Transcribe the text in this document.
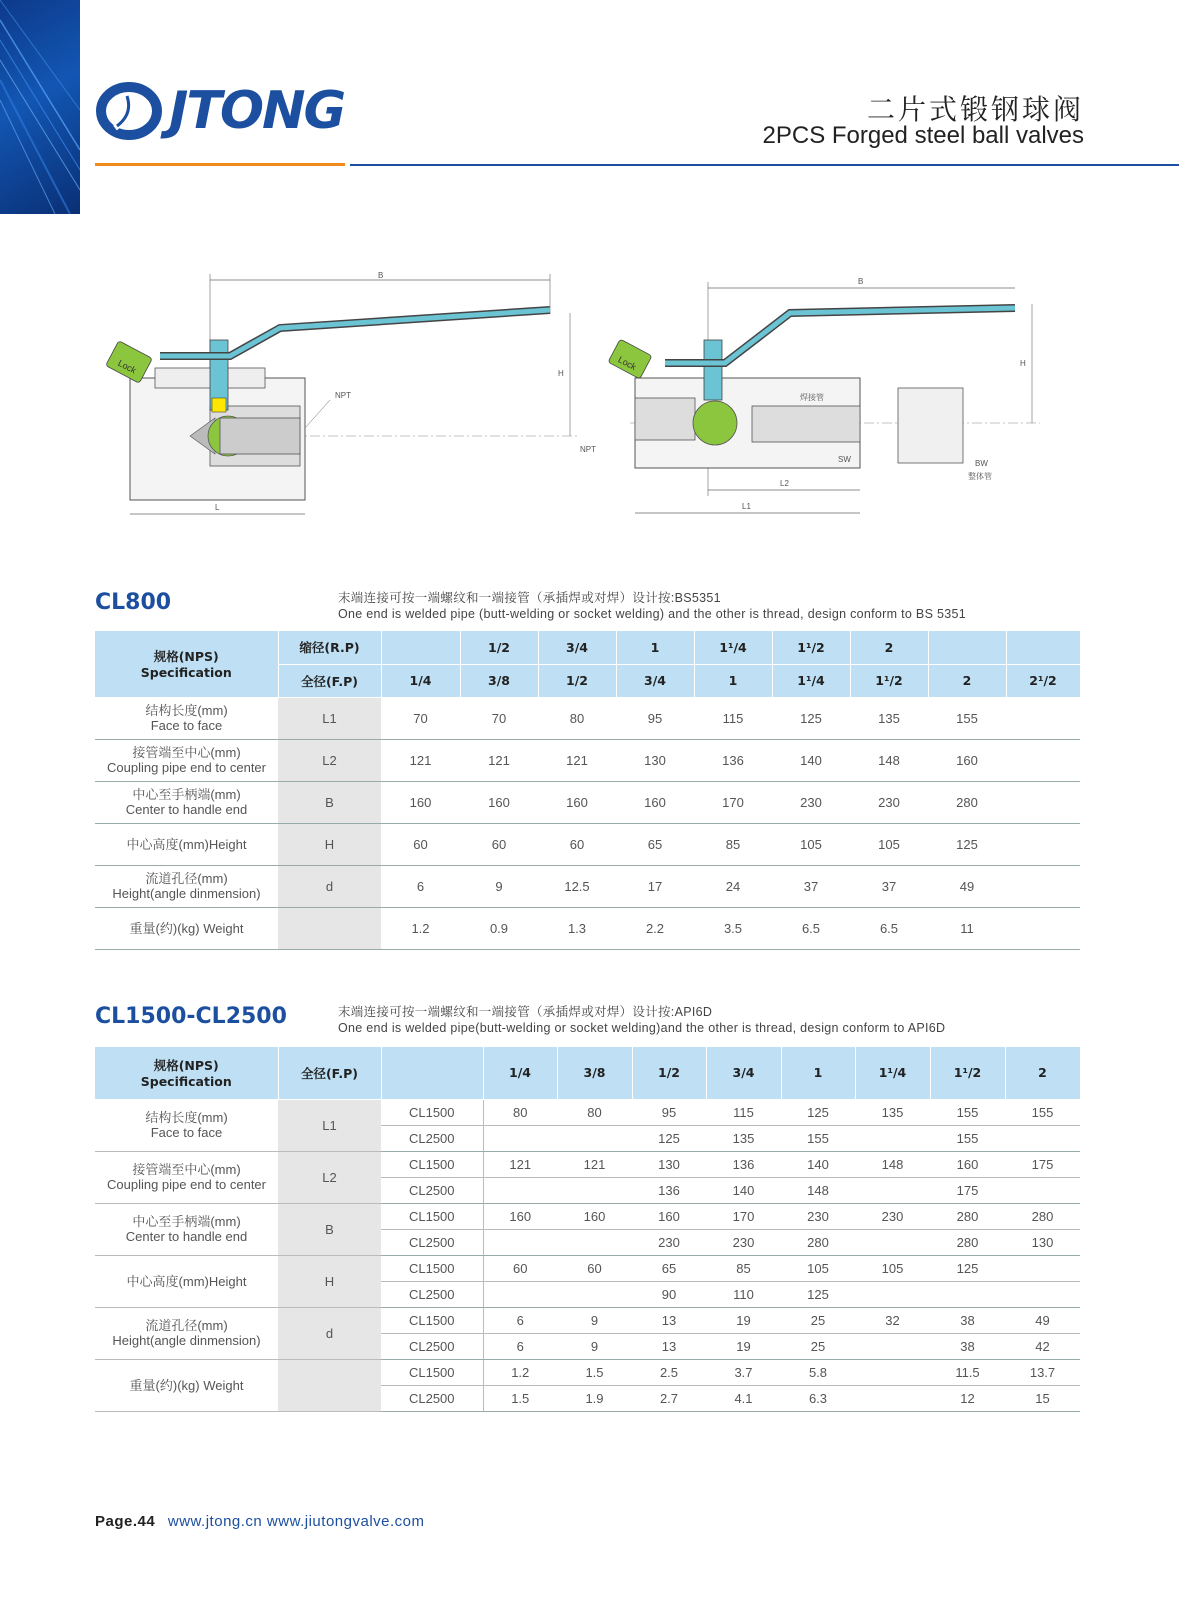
JTONG	二片式锻钢球阀
2PCS Forged steel ball valves
B
H
L
Lock
NPT
B
H
L2
L1
Lock
焊接管
SW
NPT
BW
整体管
CL800	末端连接可按一端螺纹和一端接管（承插焊或对焊）设计按:BS5351
One end is welded pipe (butt-welding or socket welding) and the other is thread, design conform to BS 5351
规格(NPS)
Specification	缩径(R.P)		1/2	3/4	1	1¹/4	1¹/2	2		
	全径(F.P)	1/4	3/8	1/2	3/4	1	1¹/4	1¹/2	2	2¹/2

结构长度(mm)
Face to face	L1	70	70	80	95	115	125	135	155	

接管端至中心(mm)
Coupling pipe end to center	L2	121	121	121	130	136	140	148	160	

中心至手柄端(mm)
Center to handle end	B	160	160	160	160	170	230	230	280	

中心高度(mm)Height	H	60	60	60	65	85	105	105	125	

流道孔径(mm)
Height(angle dinmension)	d	6	9	12.5	17	24	37	37	49	

重量(约)(kg) Weight		1.2	0.9	1.3	2.2	3.5	6.5	6.5	11	
CL1500-CL2500	末端连接可按一端螺纹和一端接管（承插焊或对焊）设计按:API6D
One end is welded pipe(butt-welding or socket welding)and the other is thread, design conform to API6D
规格(NPS)
Specification	全径(F.P)		1/4	3/8	1/2	3/4	1	1¹/4	1¹/2	2

结构长度(mm)
Face to face	L1	CL1500	80	80	95	115	125	135	155	155
		CL2500			125	135	155		155	

接管端至中心(mm)
Coupling pipe end to center	L2	CL1500	121	121	130	136	140	148	160	175
		CL2500			136	140	148		175	

中心至手柄端(mm)
Center to handle end	B	CL1500	160	160	160	170	230	230	280	280
		CL2500			230	230	280		280	130

中心高度(mm)Height	H	CL1500	60	60	65	85	105	105	125	
		CL2500			90	110	125			

流道孔径(mm)
Height(angle dinmension)	d	CL1500	6	9	13	19	25	32	38	49
		CL2500	6	9	13	19	25		38	42

重量(约)(kg) Weight		CL1500	1.2	1.5	2.5	3.7	5.8		11.5	13.7
		CL2500	1.5	1.9	2.7	4.1	6.3		12	15
Page.44 www.jtong.cn www.jiutongvalve.com
